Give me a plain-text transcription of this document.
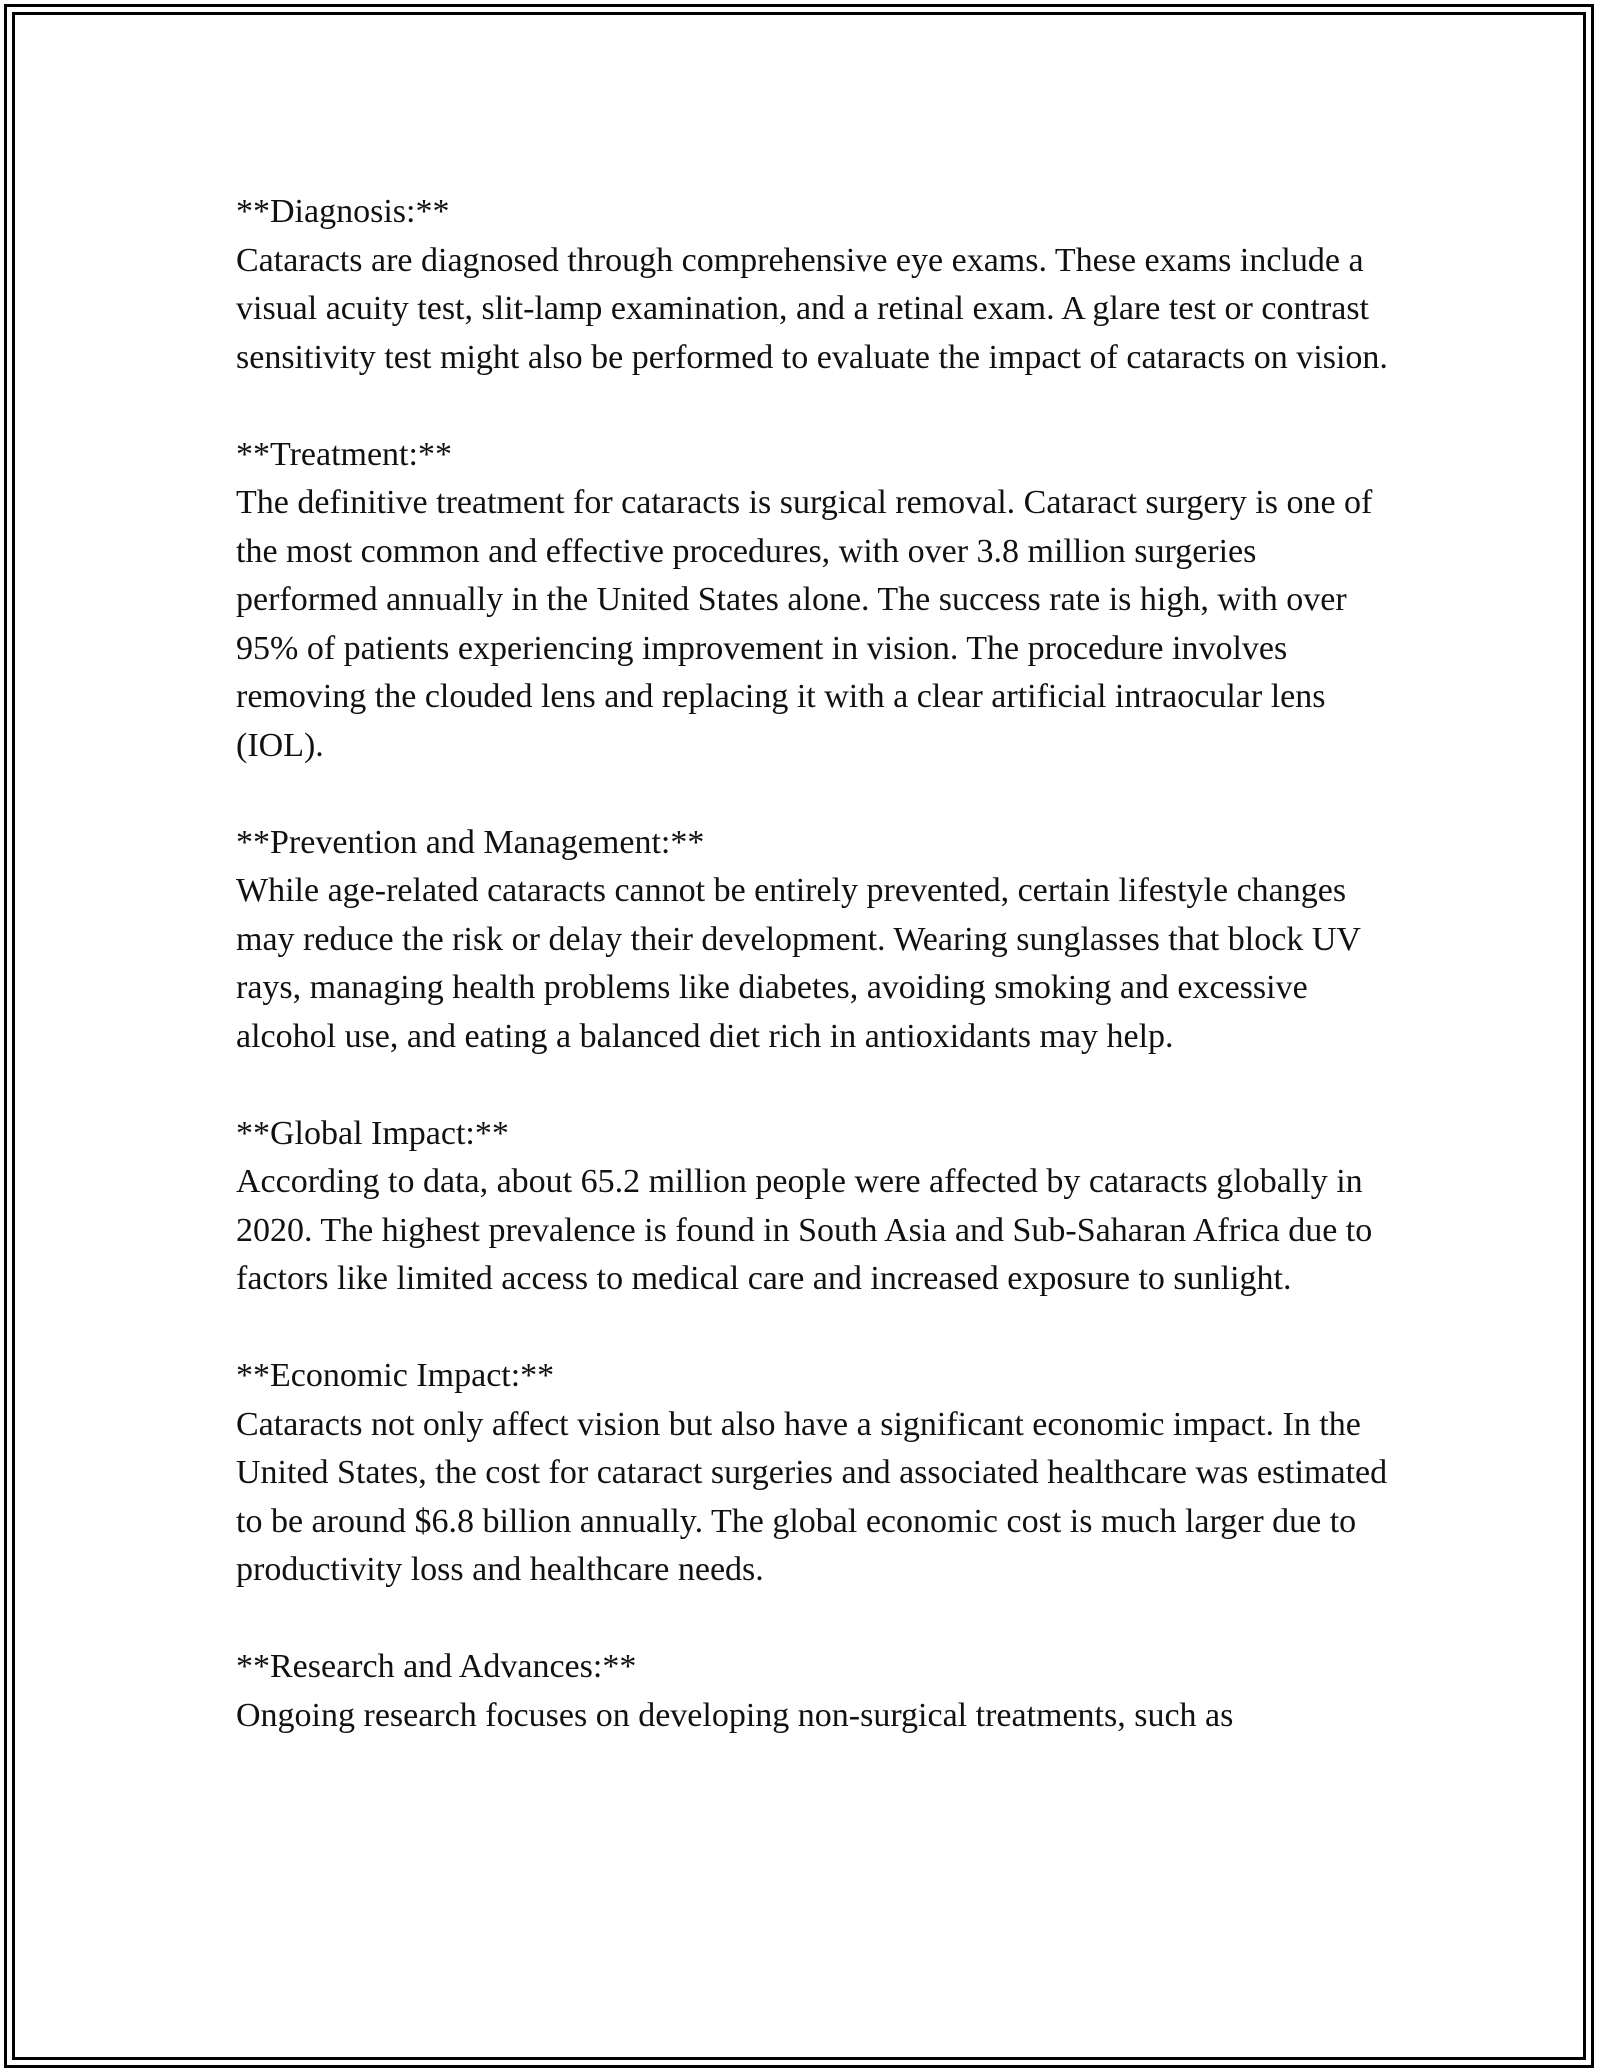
**Diagnosis:**
Cataracts are diagnosed through comprehensive eye exams. These exams include a visual acuity test, slit-lamp examination, and a retinal exam. A glare test or contrast sensitivity test might also be performed to evaluate the impact of cataracts on vision.
**Treatment:**
The definitive treatment for cataracts is surgical removal. Cataract surgery is one of the most common and effective procedures, with over 3.8 million surgeries performed annually in the United States alone. The success rate is high, with over 95% of patients experiencing improvement in vision. The procedure involves removing the clouded lens and replacing it with a clear artificial intraocular lens (IOL).
**Prevention and Management:**
While age-related cataracts cannot be entirely prevented, certain lifestyle changes may reduce the risk or delay their development. Wearing sunglasses that block UV rays, managing health problems like diabetes, avoiding smoking and excessive alcohol use, and eating a balanced diet rich in antioxidants may help.
**Global Impact:**
According to data, about 65.2 million people were affected by cataracts globally in 2020. The highest prevalence is found in South Asia and Sub-Saharan Africa due to factors like limited access to medical care and increased exposure to sunlight.
**Economic Impact:**
Cataracts not only affect vision but also have a significant economic impact. In the United States, the cost for cataract surgeries and associated healthcare was estimated to be around $6.8 billion annually. The global economic cost is much larger due to productivity loss and healthcare needs.
**Research and Advances:**
Ongoing research focuses on developing non-surgical treatments, such as
